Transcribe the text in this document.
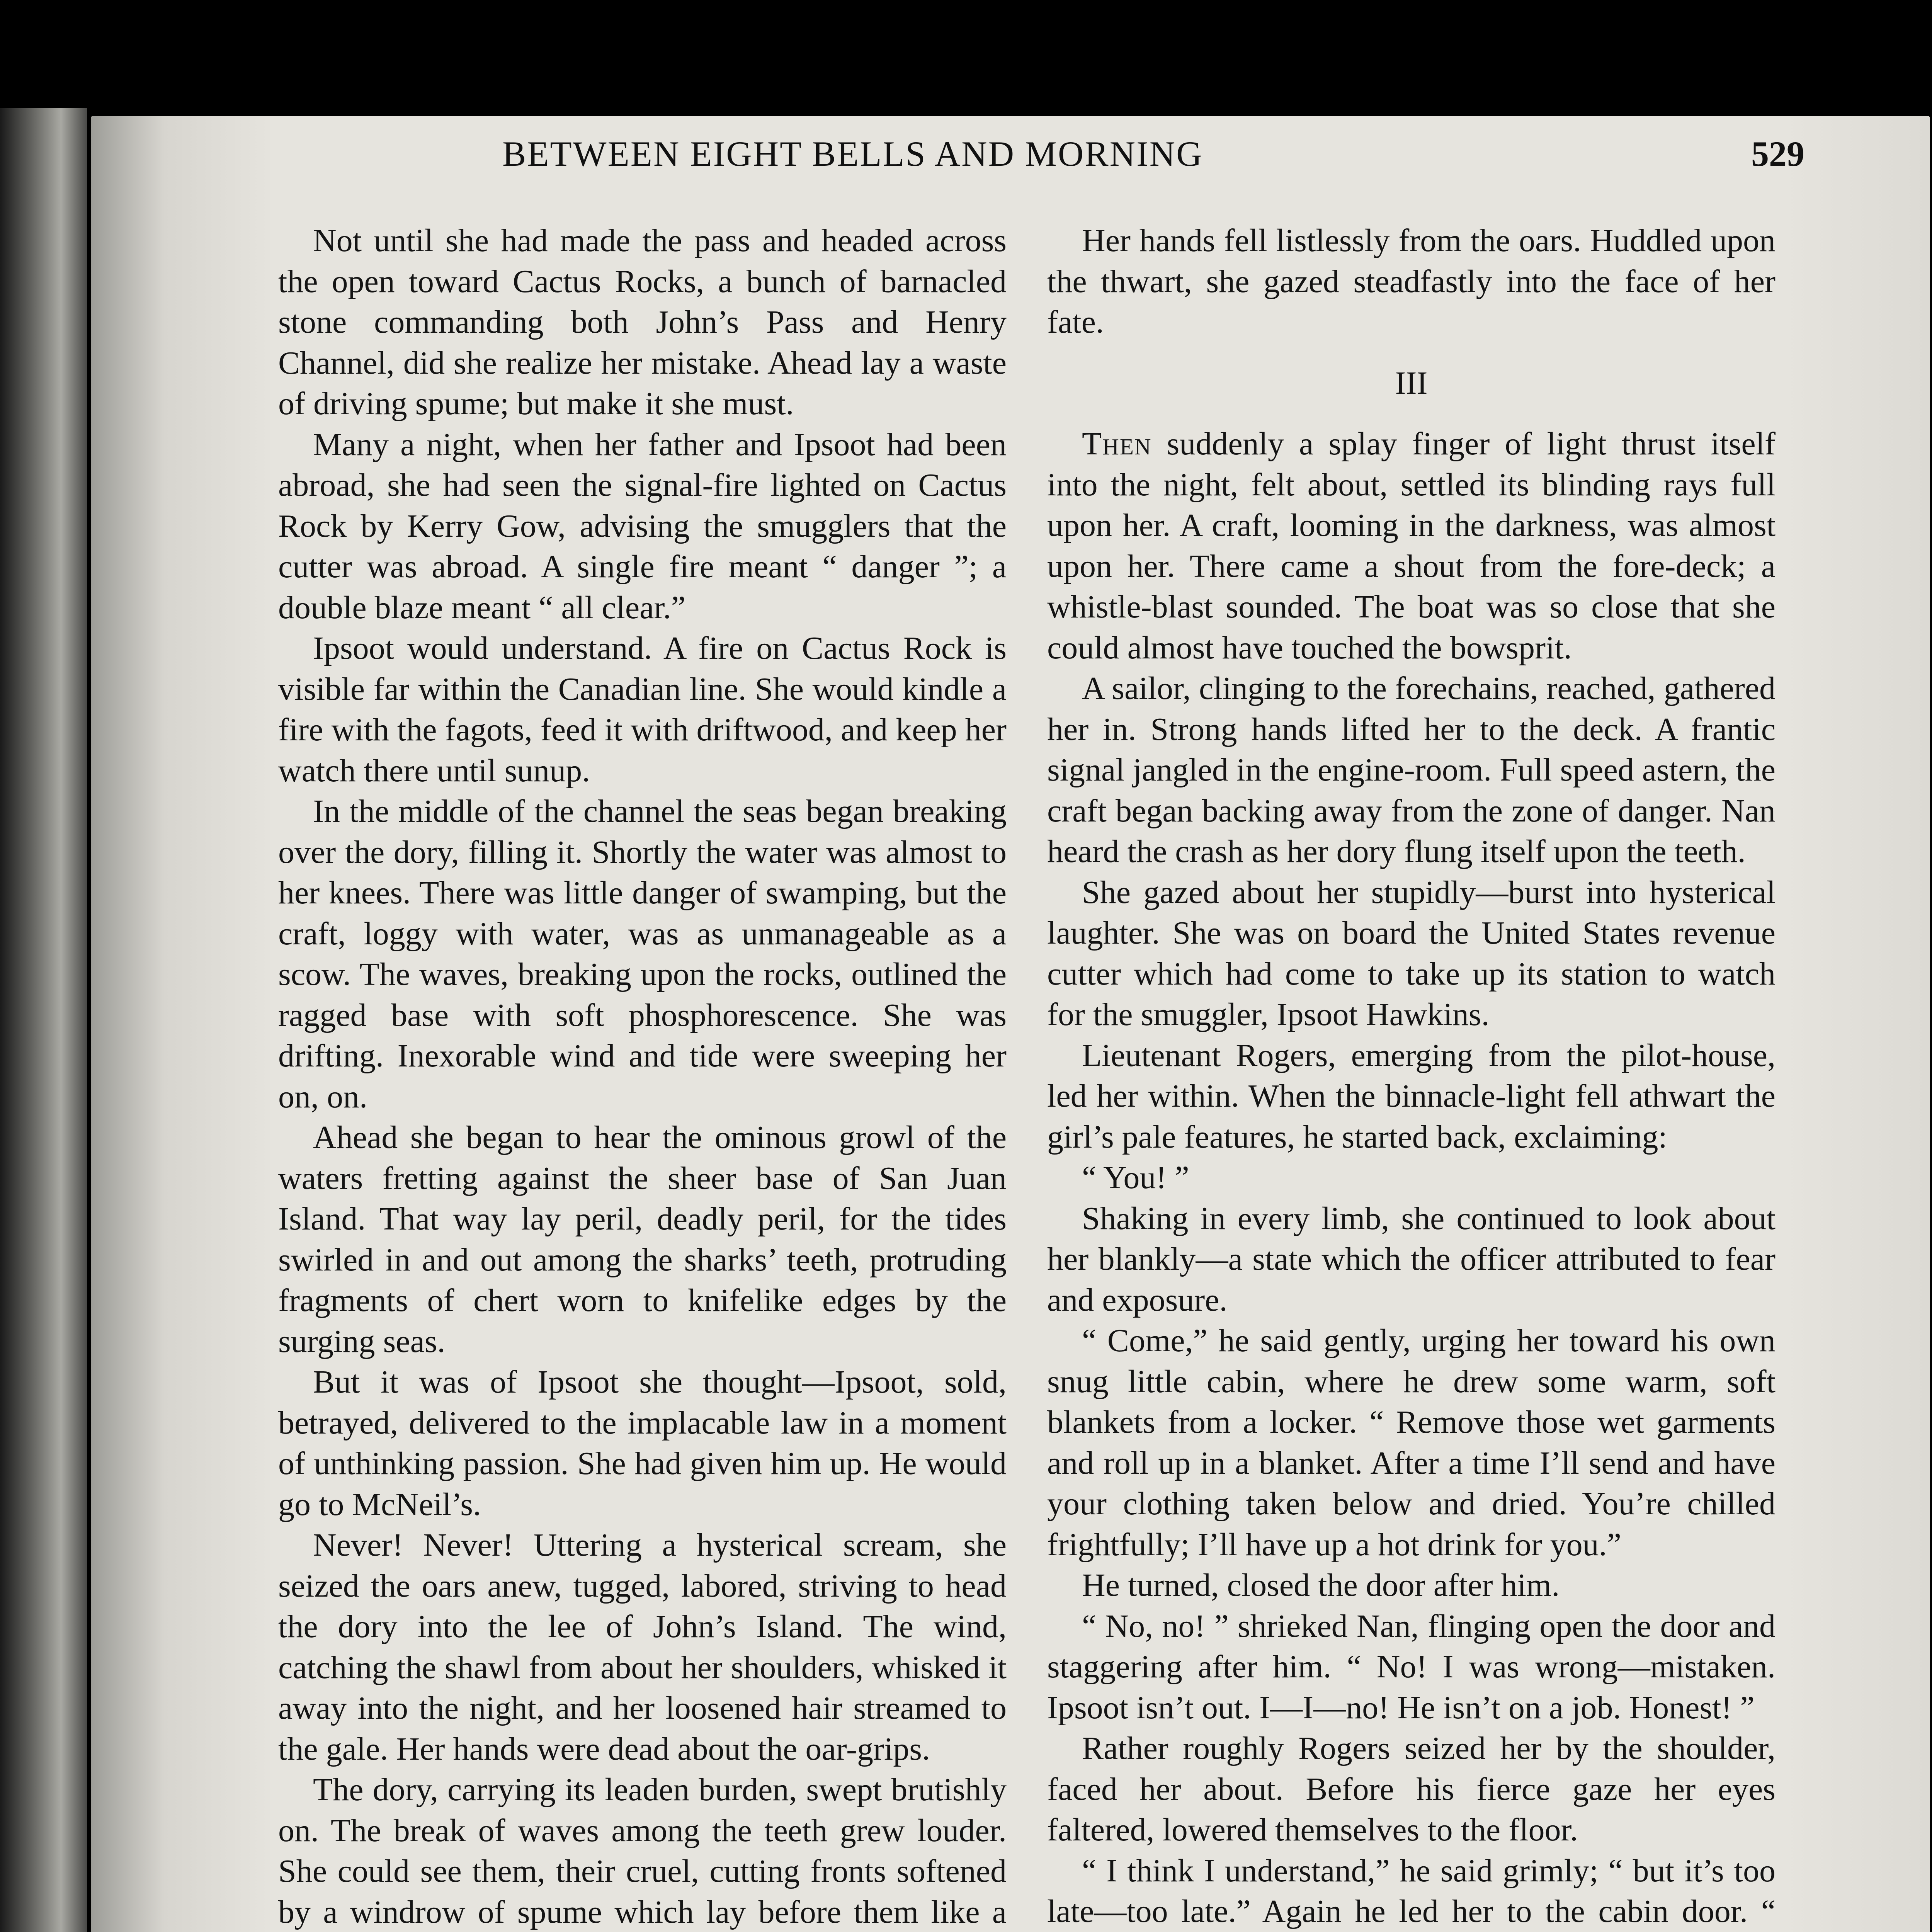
BETWEEN EIGHT BELLS AND MORNING	529

Not until she had made the pass and headed across the open toward Cactus Rocks, a bunch of barnacled stone commanding both John’s Pass and Henry Channel, did she realize her mistake. Ahead lay a waste of driving spume; but make it she must.

Many a night, when her father and Ipsoot had been abroad, she had seen the signal-fire lighted on Cactus Rock by Kerry Gow, advising the smugglers that the cutter was abroad. A single fire meant “ danger ”; a double blaze meant “ all clear.”

Ipsoot would understand. A fire on Cactus Rock is visible far within the Canadian line. She would kindle a fire with the fagots, feed it with driftwood, and keep her watch there until sunup.

In the middle of the channel the seas began breaking over the dory, filling it. Shortly the water was almost to her knees. There was little danger of swamping, but the craft, loggy with water, was as unmanageable as a scow. The waves, breaking upon the rocks, outlined the ragged base with soft phosphorescence. She was drifting. Inexorable wind and tide were sweeping her on, on.

Ahead she began to hear the ominous growl of the waters fretting against the sheer base of San Juan Island. That way lay peril, deadly peril, for the tides swirled in and out among the sharks’ teeth, protruding fragments of chert worn to knifelike edges by the surging seas.

But it was of Ipsoot she thought—Ipsoot, sold, betrayed, delivered to the implacable law in a moment of unthinking passion. She had given him up. He would go to McNeil’s.

Never! Never! Uttering a hysterical scream, she seized the oars anew, tugged, labored, striving to head the dory into the lee of John’s Island. The wind, catching the shawl from about her shoulders, whisked it away into the night, and her loosened hair streamed to the gale. Her hands were dead about the oar-grips.

The dory, carrying its leaden burden, swept brutishly on. The break of waves among the teeth grew louder. She could see them, their cruel, cutting fronts softened by a windrow of spume which lay before them like a

Her hands fell listlessly from the oars. Huddled upon the thwart, she gazed steadfastly into the face of her fate.

III

Then suddenly a splay finger of light thrust itself into the night, felt about, settled its blinding rays full upon her. A craft, looming in the darkness, was almost upon her. There came a shout from the fore-deck; a whistle-blast sounded. The boat was so close that she could almost have touched the bowsprit.

A sailor, clinging to the forechains, reached, gathered her in. Strong hands lifted her to the deck. A frantic signal jangled in the engine-room. Full speed astern, the craft began backing away from the zone of danger. Nan heard the crash as her dory flung itself upon the teeth.

She gazed about her stupidly—burst into hysterical laughter. She was on board the United States revenue cutter which had come to take up its station to watch for the smuggler, Ipsoot Hawkins.

Lieutenant Rogers, emerging from the pilot-house, led her within. When the binnacle-light fell athwart the girl’s pale features, he started back, exclaiming:

“ You! ”

Shaking in every limb, she continued to look about her blankly—a state which the officer attributed to fear and exposure.

“ Come,” he said gently, urging her toward his own snug little cabin, where he drew some warm, soft blankets from a locker. “ Remove those wet garments and roll up in a blanket. After a time I’ll send and have your clothing taken below and dried. You’re chilled frightfully; I’ll have up a hot drink for you.”

He turned, closed the door after him.

“ No, no! ” shrieked Nan, flinging open the door and staggering after him. “ No! I was wrong—mistaken. Ipsoot isn’t out. I—I—no! He isn’t on a job. Honest! ”

Rather roughly Rogers seized her by the shoulder, faced her about. Before his fierce gaze her eyes faltered, lowered themselves to the floor.

“ I think I understand,” he said grimly; “ but it’s too late—too late.” Again he led her to the cabin door. “
